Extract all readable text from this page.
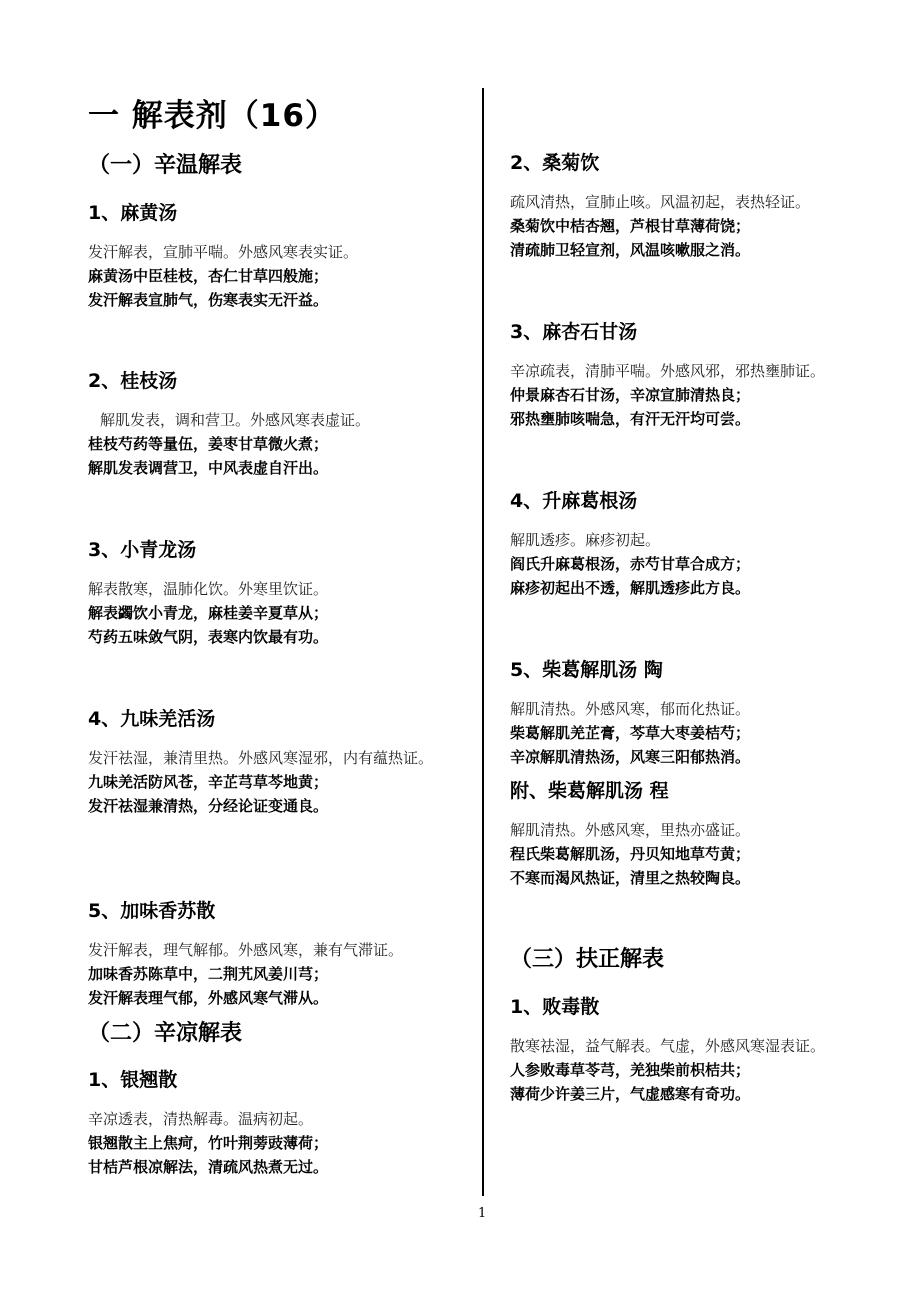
一 解表剂（16）
（一）辛温解表
1、麻黄汤
发汗解表，宣肺平喘。外感风寒表实证。
麻黄汤中臣桂枝，杏仁甘草四般施；
发汗解表宣肺气，伤寒表实无汗益。
2、桂枝汤
解肌发表，调和营卫。外感风寒表虚证。
桂枝芍药等量伍，姜枣甘草微火煮；
解肌发表调营卫，中风表虚自汗出。
3、小青龙汤
解表散寒，温肺化饮。外寒里饮证。
解表蠲饮小青龙，麻桂姜辛夏草从；
芍药五味敛气阴，表寒内饮最有功。
4、九味羌活汤
发汗祛湿，兼清里热。外感风寒湿邪，内有蕴热证。
九味羌活防风苍，辛芷芎草芩地黄；
发汗祛湿兼清热，分经论证变通良。
5、加味香苏散
发汗解表，理气解郁。外感风寒，兼有气滞证。
加味香苏陈草中，二荆艽风姜川芎；
发汗解表理气郁，外感风寒气滞从。
（二）辛凉解表
1、银翘散
辛凉透表，清热解毒。温病初起。
银翘散主上焦疴，竹叶荆蒡豉薄荷；
甘桔芦根凉解法，清疏风热煮无过。
2、桑菊饮
疏风清热，宣肺止咳。风温初起，表热轻证。
桑菊饮中桔杏翘，芦根甘草薄荷饶；
清疏肺卫轻宣剂，风温咳嗽服之消。
3、麻杏石甘汤
辛凉疏表，清肺平喘。外感风邪，邪热壅肺证。
仲景麻杏石甘汤，辛凉宣肺清热良；
邪热壅肺咳喘急，有汗无汗均可尝。
4、升麻葛根汤
解肌透疹。麻疹初起。
阎氏升麻葛根汤，赤芍甘草合成方；
麻疹初起出不透，解肌透疹此方良。
5、柴葛解肌汤 陶
解肌清热。外感风寒，郁而化热证。
柴葛解肌羌芷膏，芩草大枣姜桔芍；
辛凉解肌清热汤，风寒三阳郁热消。
附、柴葛解肌汤 程
解肌清热。外感风寒，里热亦盛证。
程氏柴葛解肌汤，丹贝知地草芍黄；
不寒而渴风热证，清里之热较陶良。
（三）扶正解表
1、败毒散
散寒祛湿，益气解表。气虚，外感风寒湿表证。
人参败毒草苓芎，羌独柴前枳桔共；
薄荷少许姜三片，气虚感寒有奇功。
1
